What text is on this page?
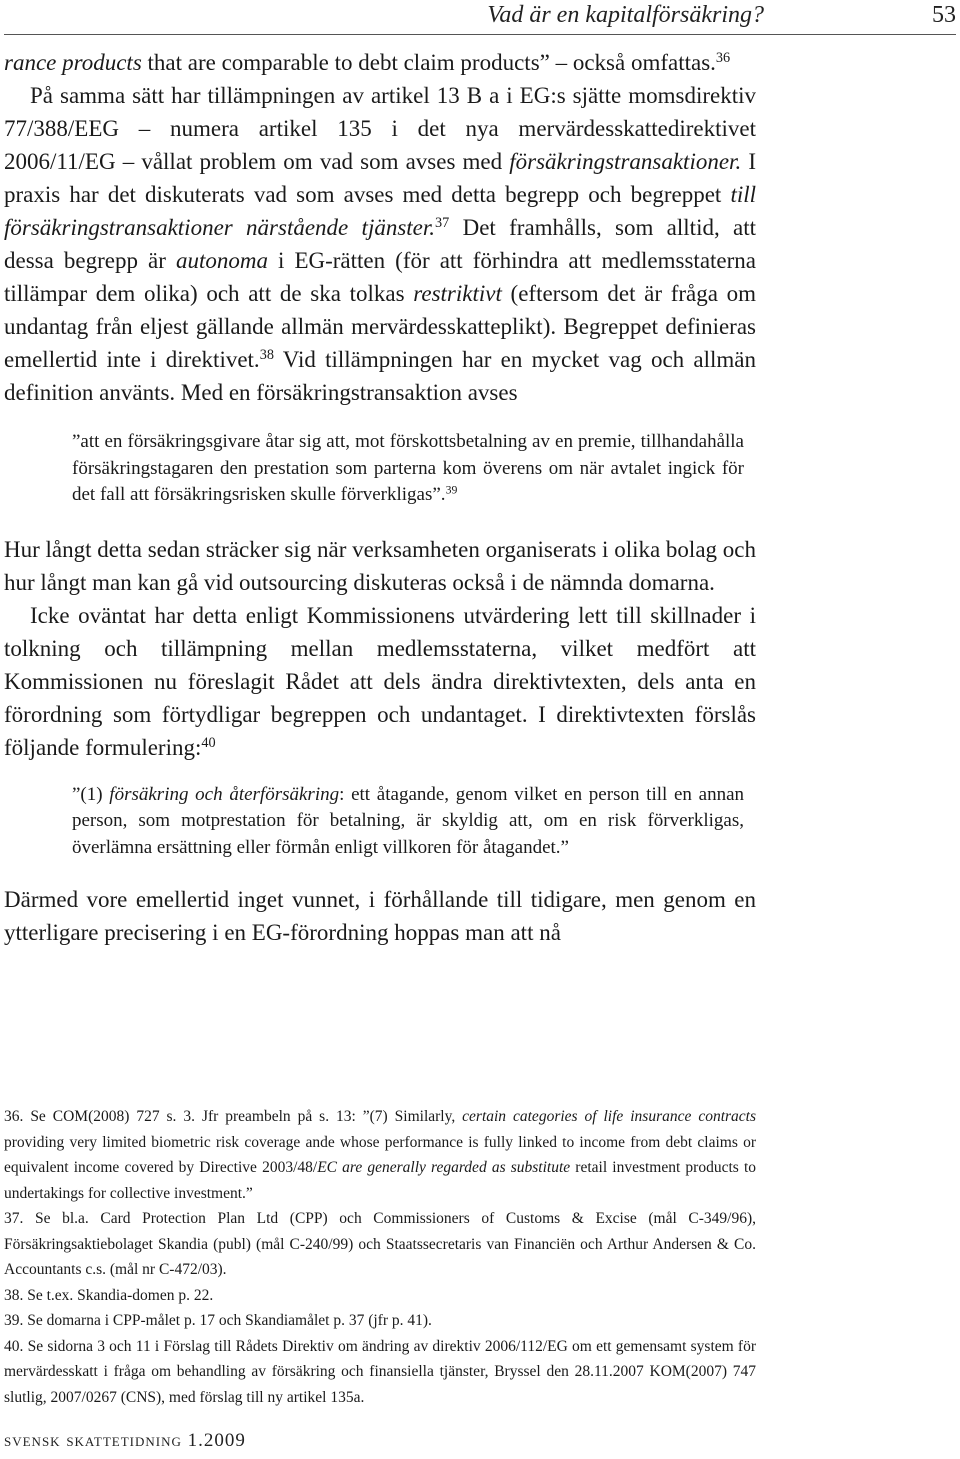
Vad är en kapitalförsäkring?	53

rance products that are comparable to debt claim products” – också omfattas.$^{36}$

På samma sätt har tillämpningen av artikel 13 B a i EG:s sjätte momsdirektiv 77/388/EEG – numera artikel 135 i det nya mervärdesskattedirektivet 2006/11/EG – vållat problem om vad som avses med försäkringstransaktioner. I praxis har det diskuterats vad som avses med detta begrepp och begreppet till försäkringstransaktioner närstående tjänster.$^{37}$ Det framhålls, som alltid, att dessa begrepp är autonoma i EG-rätten (för att förhindra att medlemsstaterna tillämpar dem olika) och att de ska tolkas restriktivt (eftersom det är fråga om undantag från eljest gällande allmän mervärdesskatteplikt). Begreppet definieras emellertid inte i direktivet.$^{38}$ Vid tillämpningen har en mycket vag och allmän definition använts. Med en försäkringstransaktion avses

”att en försäkringsgivare åtar sig att, mot förskottsbetalning av en premie, tillhandahålla försäkringstagaren den prestation som parterna kom överens om när avtalet ingick för det fall att försäkringsrisken skulle förverkligas”.$^{39}$

Hur långt detta sedan sträcker sig när verksamheten organiserats i olika bolag och hur långt man kan gå vid outsourcing diskuteras också i de nämnda domarna.

Icke oväntat har detta enligt Kommissionens utvärdering lett till skillnader i tolkning och tillämpning mellan medlemsstaterna, vilket medfört att Kommissionen nu föreslagit Rådet att dels ändra direktivtexten, dels anta en förordning som förtydligar begreppen och undantaget. I direktivtexten förslås följande formulering:$^{40}$

”(1) försäkring och återförsäkring: ett åtagande, genom vilket en person till en annan person, som motprestation för betalning, är skyldig att, om en risk förverkligas, överlämna ersättning eller förmån enligt villkoren för åtagandet.”

Därmed vore emellertid inget vunnet, i förhållande till tidigare, men genom en ytterligare precisering i en EG-förordning hoppas man att nå

36. Se COM(2008) 727 s. 3. Jfr preambeln på s. 13: ”(7) Similarly, certain categories of life insurance contracts providing very limited biometric risk coverage ande whose performance is fully linked to income from debt claims or equivalent income covered by Directive 2003/48/EC are generally regarded as substitute retail investment products to undertakings for collective investment.”

37. Se bl.a. Card Protection Plan Ltd (CPP) och Commissioners of Customs & Excise (mål C-349/96), Försäkringsaktiebolaget Skandia (publ) (mål C-240/99) och Staatssecretaris van Financiën och Arthur Andersen & Co. Accountants c.s. (mål nr C-472/03).

38. Se t.ex. Skandia-domen p. 22.

39. Se domarna i CPP-målet p. 17 och Skandiamålet p. 37 (jfr p. 41).

40. Se sidorna 3 och 11 i Förslag till Rådets Direktiv om ändring av direktiv 2006/112/EG om ett gemensamt system för mervärdesskatt i fråga om behandling av försäkring och finansiella tjänster, Bryssel den 28.11.2007 KOM(2007) 747 slutlig, 2007/0267 (CNS), med förslag till ny artikel 135a.

svensk skattetidning 1.2009
